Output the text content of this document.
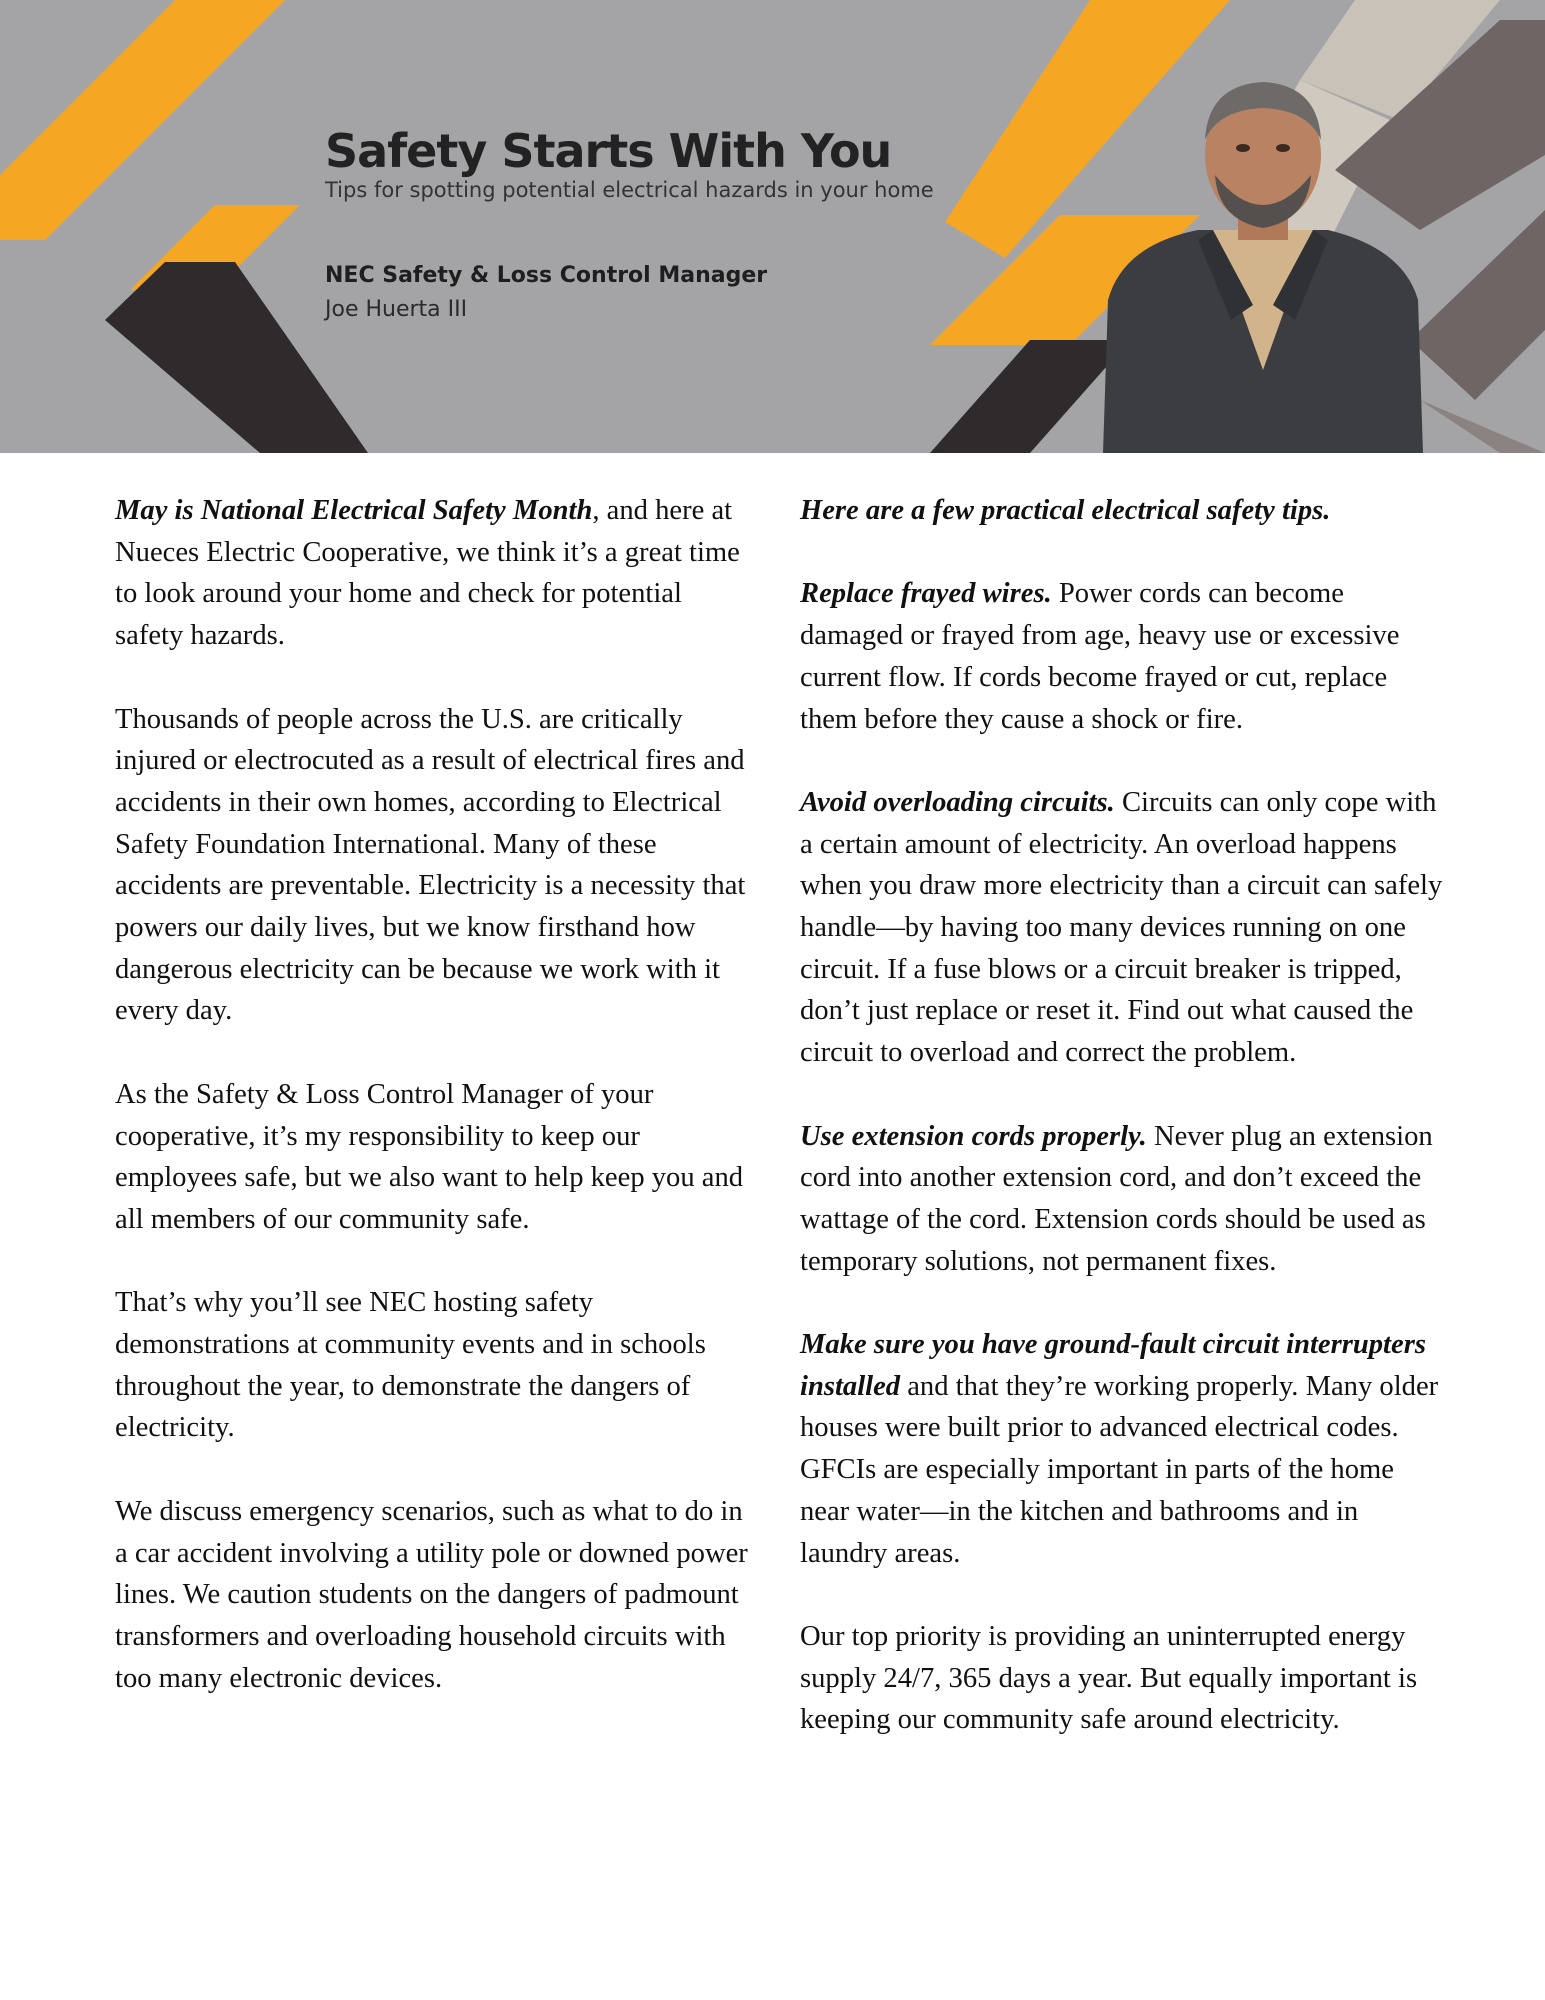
Safety Starts With You
Tips for spotting potential electrical hazards in your home
NEC Safety & Loss Control Manager
Joe Huerta III

May is National Electrical Safety Month, and here at Nueces Electric Cooperative, we think it’s a great time to look around your home and check for potential safety hazards.

Thousands of people across the U.S. are critically injured or electrocuted as a result of electrical fires and accidents in their own homes, according to Electrical Safety Foundation International. Many of these accidents are preventable. Electricity is a necessity that powers our daily lives, but we know firsthand how dangerous electricity can be because we work with it every day.

As the Safety & Loss Control Manager of your cooperative, it’s my responsibility to keep our employees safe, but we also want to help keep you and all members of our community safe.

That’s why you’ll see NEC hosting safety demonstrations at community events and in schools throughout the year, to demonstrate the dangers of electricity.

We discuss emergency scenarios, such as what to do in a car accident involving a utility pole or downed power lines. We caution students on the dangers of padmount transformers and overloading household circuits with too many electronic devices.

Here are a few practical electrical safety tips.

Replace frayed wires. Power cords can become damaged or frayed from age, heavy use or excessive current flow. If cords become frayed or cut, replace them before they cause a shock or fire.

Avoid overloading circuits. Circuits can only cope with a certain amount of electricity. An overload happens when you draw more electricity than a circuit can safely handle—by having too many devices running on one circuit. If a fuse blows or a circuit breaker is tripped, don’t just replace or reset it. Find out what caused the circuit to overload and correct the problem.

Use extension cords properly. Never plug an extension cord into another extension cord, and don’t exceed the wattage of the cord. Extension cords should be used as temporary solutions, not permanent fixes.

Make sure you have ground-fault circuit interrupters installed and that they’re working properly. Many older houses were built prior to advanced electrical codes. GFCIs are especially important in parts of the home near water—in the kitchen and bathrooms and in laundry areas.

Our top priority is providing an uninterrupted energy supply 24/7, 365 days a year. But equally important is keeping our community safe around electricity.
